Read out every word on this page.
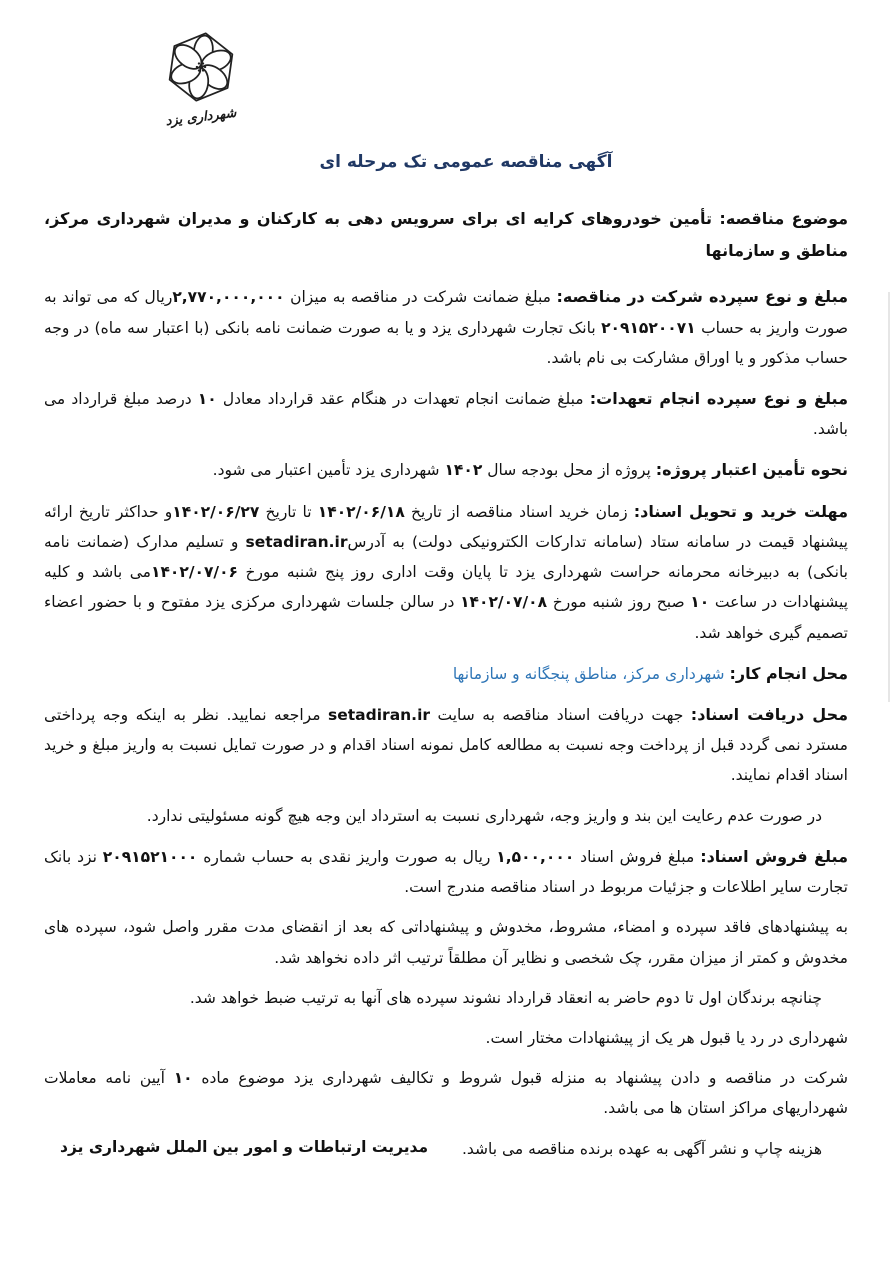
شهرداری یزد
آگهی مناقصه عمومی تک مرحله ای

موضوع مناقصه: تأمین خودروهای کرایه ای برای سرویس دهی به کارکنان و مدیران شهرداری مرکز، مناطق و سازمانها

مبلغ و نوع سپرده شرکت در مناقصه: مبلغ ضمانت شرکت در مناقصه به میزان ۲,۷۷۰,۰۰۰,۰۰۰ریال که می تواند به صورت واریز به حساب ۲۰۹۱۵۲۰۰۷۱ بانک تجارت شهرداری یزد و یا به صورت ضمانت نامه بانکی (با اعتبار سه ماه) در وجه حساب مذکور و یا اوراق مشارکت بی نام باشد.

مبلغ و نوع سپرده انجام تعهدات: مبلغ ضمانت انجام تعهدات در هنگام عقد قرارداد معادل ۱۰ درصد مبلغ قرارداد می باشد.

نحوه تأمین اعتبار پروژه: پروژه از محل بودجه سال ۱۴۰۲ شهرداری یزد تأمین اعتبار می شود.

مهلت خرید و تحویل اسناد: زمان خرید اسناد مناقصه از تاریخ ۱۴۰۲/۰۶/۱۸ تا تاریخ ۱۴۰۲/۰۶/۲۷و حداکثر تاریخ ارائه پیشنهاد قیمت در سامانه ستاد (سامانه تدارکات الکترونیکی دولت) به آدرسsetadiran.ir و تسلیم مدارک (ضمانت نامه بانکی) به دبیرخانه محرمانه حراست شهرداری یزد تا پایان وقت اداری روز پنج شنبه مورخ ۱۴۰۲/۰۷/۰۶می باشد و کلیه پیشنهادات در ساعت ۱۰ صبح روز شنبه مورخ ۱۴۰۲/۰۷/۰۸ در سالن جلسات شهرداری مرکزی یزد مفتوح و با حضور اعضاء تصمیم گیری خواهد شد.

محل انجام کار: شهرداری مرکز، مناطق پنجگانه و سازمانها

محل دریافت اسناد: جهت دریافت اسناد مناقصه به سایت setadiran.ir مراجعه نمایید. نظر به اینکه وجه پرداختی مسترد نمی گردد قبل از پرداخت وجه نسبت به مطالعه کامل نمونه اسناد اقدام و در صورت تمایل نسبت به واریز مبلغ و خرید اسناد اقدام نمایند.

در صورت عدم رعایت این بند و واریز وجه، شهرداری نسبت به استرداد این وجه هیچ گونه مسئولیتی ندارد.

مبلغ فروش اسناد: مبلغ فروش اسناد ۱,۵۰۰,۰۰۰ ریال به صورت واریز نقدی به حساب شماره ۲۰۹۱۵۲۱۰۰۰ نزد بانک تجارت سایر اطلاعات و جزئیات مربوط در اسناد مناقصه مندرج است.

به پیشنهادهای فاقد سپرده و امضاء، مشروط، مخدوش و پیشنهاداتی که بعد از انقضای مدت مقرر واصل شود، سپرده های مخدوش و کمتر از میزان مقرر، چک شخصی و نظایر آن مطلقاً ترتیب اثر داده نخواهد شد.

چنانچه برندگان اول تا دوم حاضر به انعقاد قرارداد نشوند سپرده های آنها به ترتیب ضبط خواهد شد.

شهرداری در رد یا قبول هر یک از پیشنهادات مختار است.

شرکت در مناقصه و دادن پیشنهاد به منزله قبول شروط و تکالیف شهرداری یزد موضوع ماده ۱۰ آیین نامه معاملات شهرداریهای مراکز استان ها می باشد.

هزینه چاپ و نشر آگهی به عهده برنده مناقصه می باشد.

مدیریت ارتباطات و امور بین الملل شهرداری یزد
